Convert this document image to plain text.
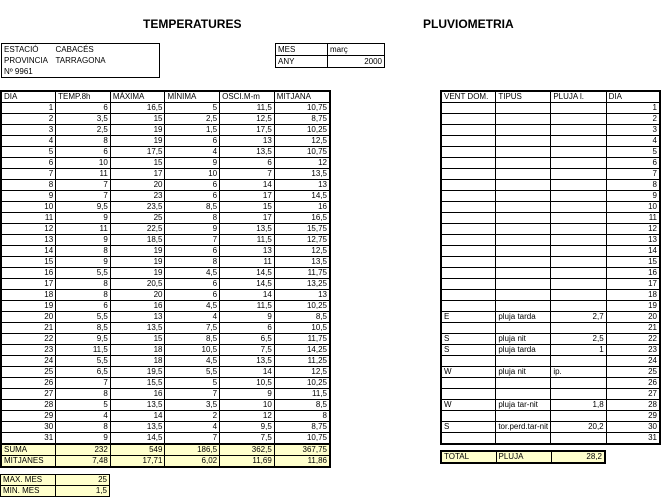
TEMPERATURES	PLUVIOMETRIA
ESTACIÓ	CABACÉS
PROVINCIA	TARRAGONA
Nº 9961	
MES	març
ANY	2000
DIA	TEMP.8h	MÀXIMA	MÍNIMA	OSCI.M-m	MITJANA
1	6	16,5	5	11,5	10,75
2	3,5	15	2,5	12,5	8,75
3	2,5	19	1,5	17,5	10,25
4	8	19	6	13	12,5
5	6	17,5	4	13,5	10,75
6	10	15	9	6	12
7	11	17	10	7	13,5
8	7	20	6	14	13
9	7	23	6	17	14,5
10	9,5	23,5	8,5	15	16
11	9	25	8	17	16,5
12	11	22,5	9	13,5	15,75
13	9	18,5	7	11,5	12,75
14	8	19	6	13	12,5
15	9	19	8	11	13,5
16	5,5	19	4,5	14,5	11,75
17	8	20,5	6	14,5	13,25
18	8	20	6	14	13
19	6	16	4,5	11,5	10,25
20	5,5	13	4	9	8,5
21	8,5	13,5	7,5	6	10,5
22	9,5	15	8,5	6,5	11,75
23	11,5	18	10,5	7,5	14,25
24	5,5	18	4,5	13,5	11,25
25	6,5	19,5	5,5	14	12,5
26	7	15,5	5	10,5	10,25
27	8	16	7	9	11,5
28	5	13,5	3,5	10	8,5
29	4	14	2	12	8
30	8	13,5	4	9,5	8,75
31	9	14,5	7	7,5	10,75
SUMA	232	549	186,5	362,5	367,75
MITJANES	7,48	17,71	6,02	11,69	11,86
MAX. MES	25
MIN. MES	1,5
VENT DOM.	TIPUS	PLUJA l.	DIA
			1
			2
			3
			4
			5
			6
			7
			8
			9
			10
			11
			12
			13
			14
			15
			16
			17
			18
			19
E	pluja tarda	2,7	20
			21
S	pluja nit	2,5	22
S	pluja tarda	1	23
			24
W	pluja nit	ip.	25
			26
			27
W	pluja tar-nit	1,8	28
			29
S	tor.perd.tar-nit	20,2	30
			31
TOTAL	PLUJA	28,2
